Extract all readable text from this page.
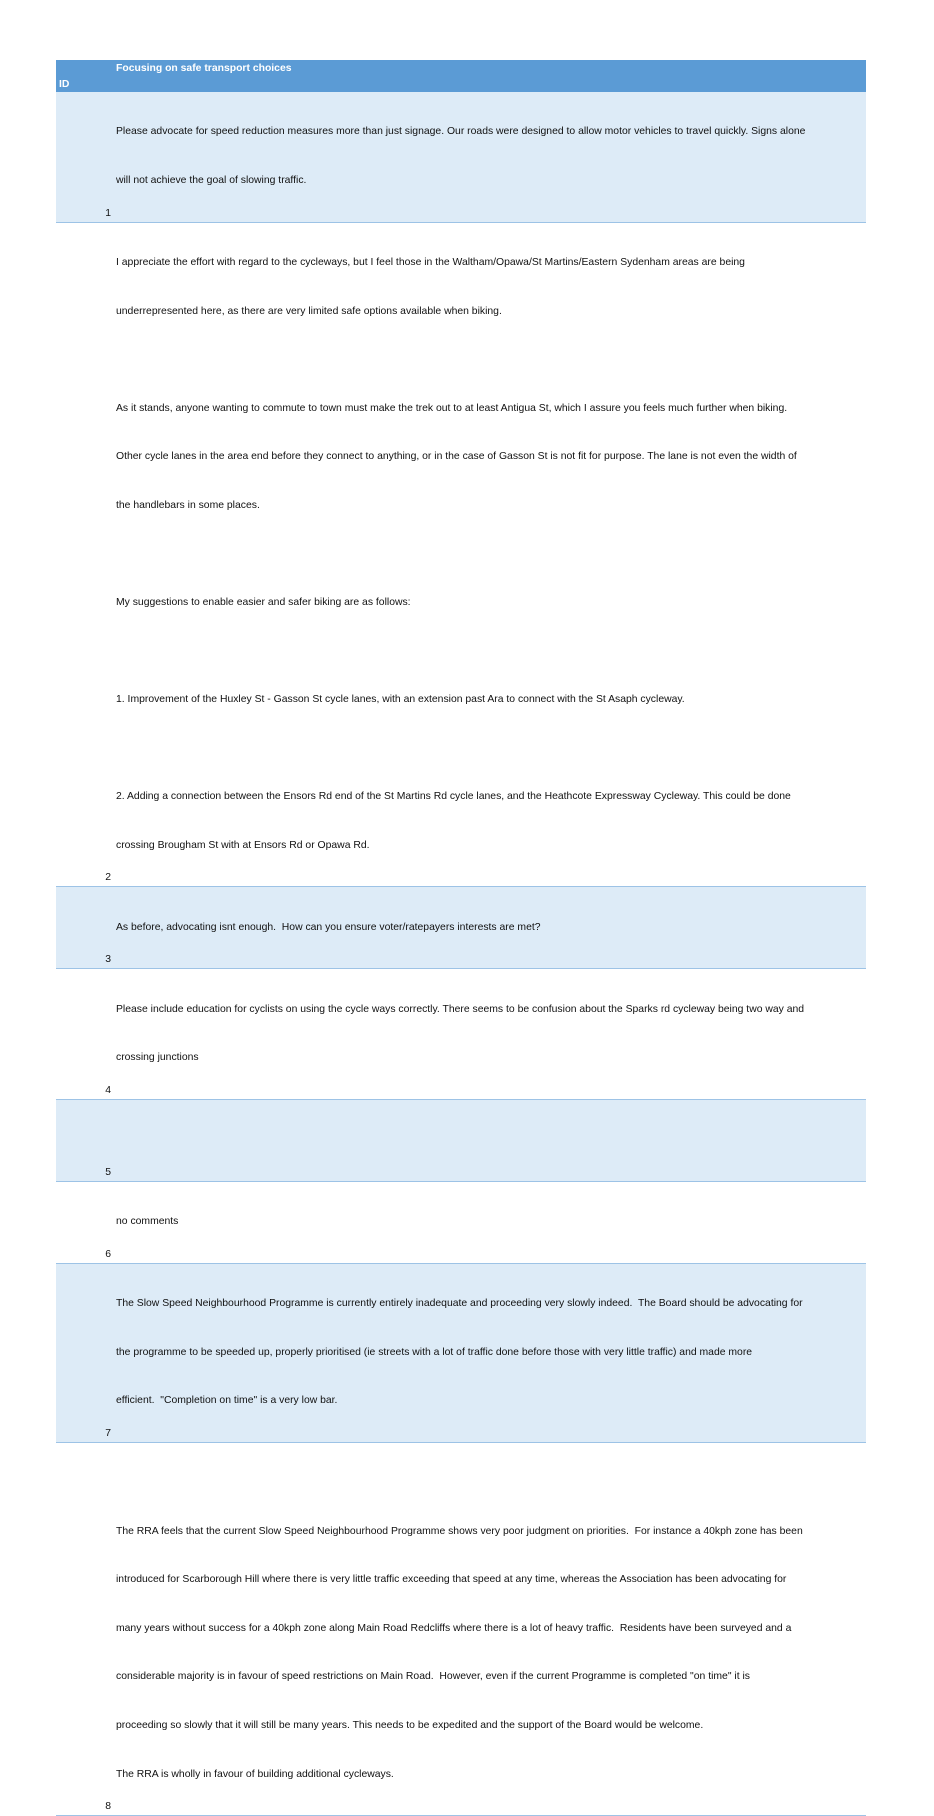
ID
Focusing on safe transport choices
1

Please advocate for speed reduction measures more than just signage. Our roads were designed to allow motor vehicles to travel quickly. Signs alone

will not achieve the goal of slowing traffic.

2

I appreciate the effort with regard to the cycleways, but I feel those in the Waltham/Opawa/St Martins/Eastern Sydenham areas are being

underrepresented here, as there are very limited safe options available when biking.

As it stands, anyone wanting to commute to town must make the trek out to at least Antigua St, which I assure you feels much further when biking.

Other cycle lanes in the area end before they connect to anything, or in the case of Gasson St is not fit for purpose. The lane is not even the width of

the handlebars in some places.

My suggestions to enable easier and safer biking are as follows:

1. Improvement of the Huxley St - Gasson St cycle lanes, with an extension past Ara to connect with the St Asaph cycleway.

2. Adding a connection between the Ensors Rd end of the St Martins Rd cycle lanes, and the Heathcote Expressway Cycleway. This could be done

crossing Brougham St with at Ensors Rd or Opawa Rd.

3

As before, advocating isnt enough.  How can you ensure voter/ratepayers interests are met?

4

Please include education for cyclists on using the cycle ways correctly. There seems to be confusion about the Sparks rd cycleway being two way and

crossing junctions

5

6

no comments

7

The Slow Speed Neighbourhood Programme is currently entirely inadequate and proceeding very slowly indeed.  The Board should be advocating for

the programme to be speeded up, properly prioritised (ie streets with a lot of traffic done before those with very little traffic) and made more

efficient.  "Completion on time" is a very low bar.

8

The RRA feels that the current Slow Speed Neighbourhood Programme shows very poor judgment on priorities.  For instance a 40kph zone has been

introduced for Scarborough Hill where there is very little traffic exceeding that speed at any time, whereas the Association has been advocating for

many years without success for a 40kph zone along Main Road Redcliffs where there is a lot of heavy traffic.  Residents have been surveyed and a

considerable majority is in favour of speed restrictions on Main Road.  However, even if the current Programme is completed "on time" it is

proceeding so slowly that it will still be many years. This needs to be expedited and the support of the Board would be welcome.

The RRA is wholly in favour of building additional cycleways.
